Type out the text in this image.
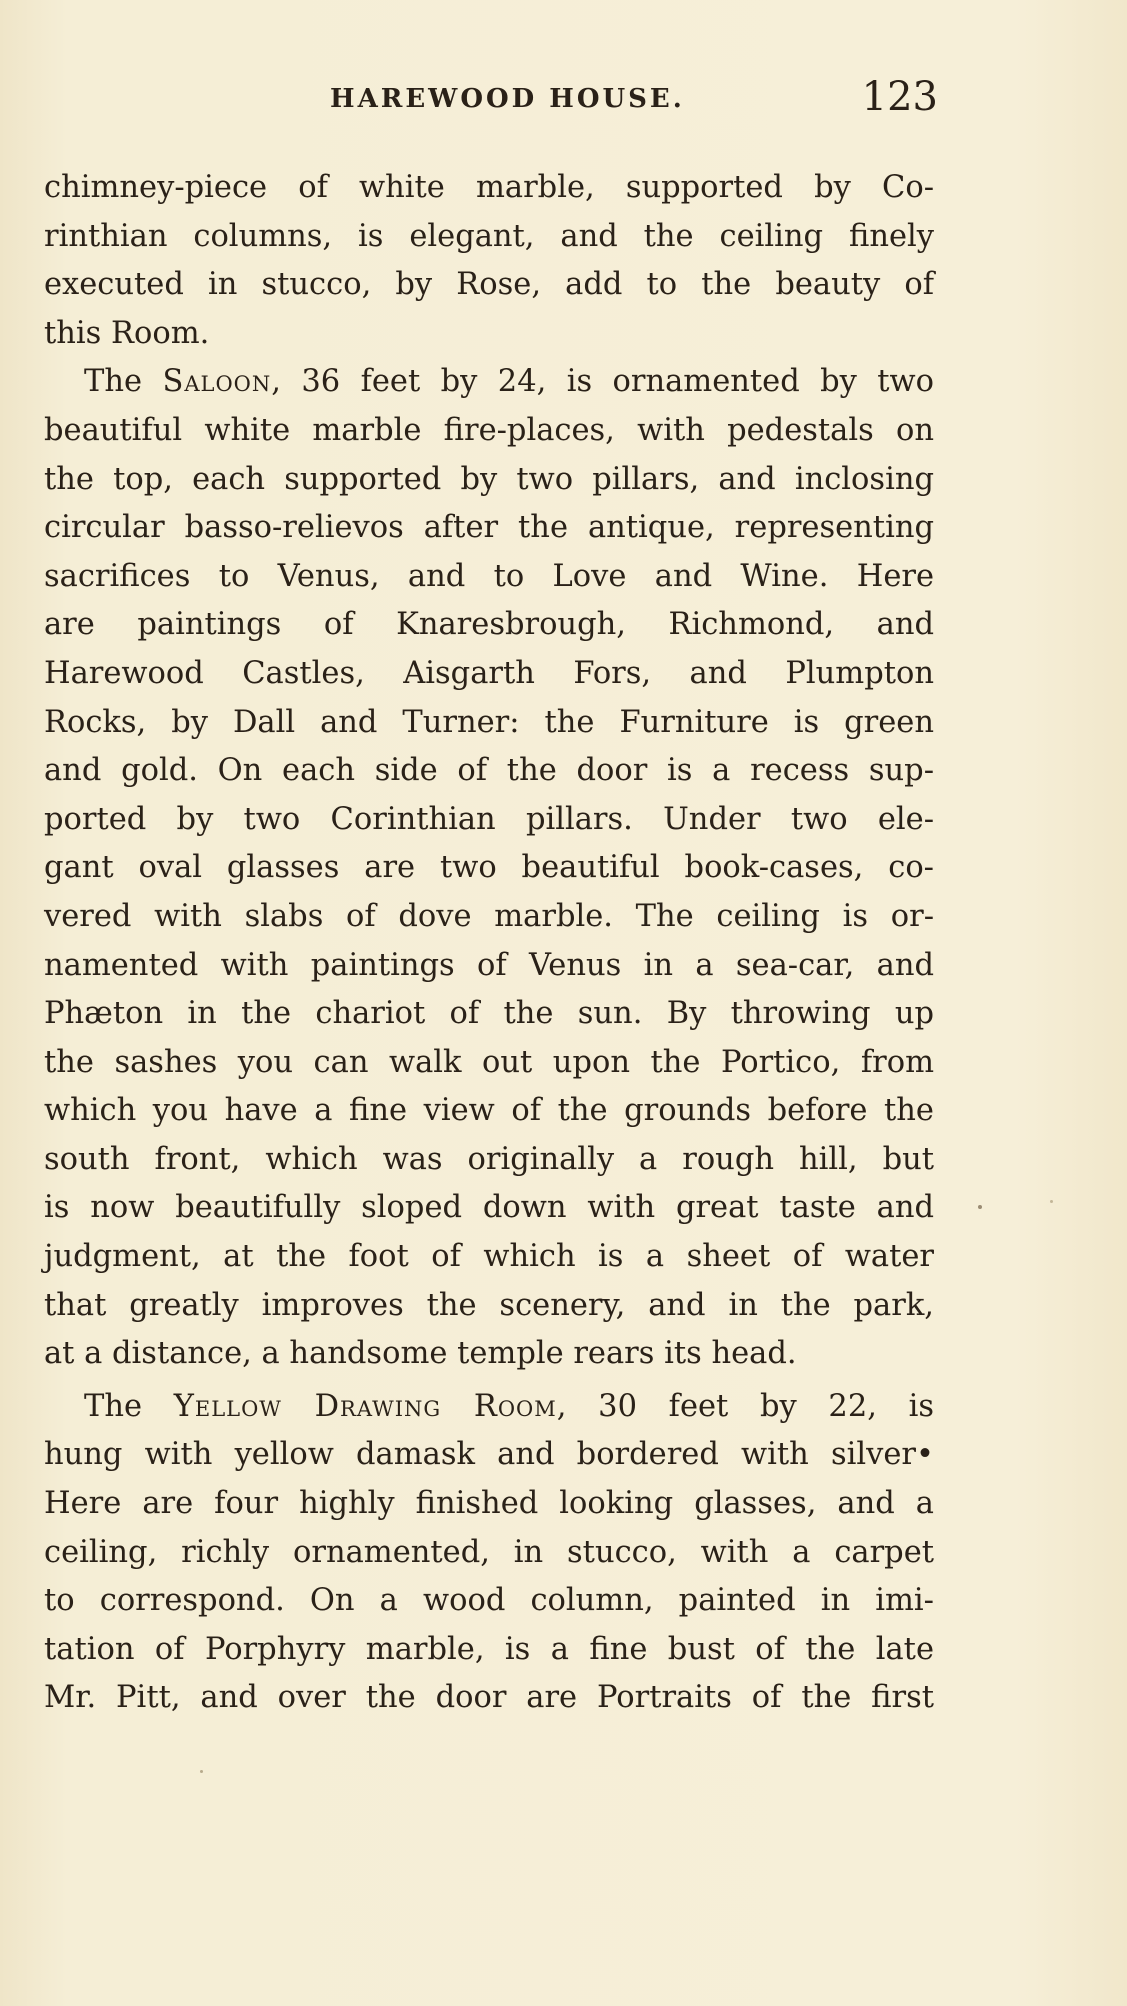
HAREWOOD HOUSE.	123
chimney-piece of white marble, supported by Co-
rinthian columns, is elegant, and the ceiling finely
executed in stucco, by Rose, add to the beauty of
this Room.
The Saloon, 36 feet by 24, is ornamented by two
beautiful white marble fire-places, with pedestals on
the top, each supported by two pillars, and inclosing
circular basso-relievos after the antique, representing
sacrifices to Venus, and to Love and Wine. Here
are paintings of Knaresbrough, Richmond, and
Harewood Castles, Aisgarth Fors, and Plumpton
Rocks, by Dall and Turner: the Furniture is green
and gold. On each side of the door is a recess sup-
ported by two Corinthian pillars. Under two ele-
gant oval glasses are two beautiful book-cases, co-
vered with slabs of dove marble. The ceiling is or-
namented with paintings of Venus in a sea-car, and
Phæton in the chariot of the sun. By throwing up
the sashes you can walk out upon the Portico, from
which you have a fine view of the grounds before the
south front, which was originally a rough hill, but
is now beautifully sloped down with great taste and
judgment, at the foot of which is a sheet of water
that greatly improves the scenery, and in the park,
at a distance, a handsome temple rears its head.
The Yellow Drawing Room, 30 feet by 22, is
hung with yellow damask and bordered with silver•
Here are four highly finished looking glasses, and a
ceiling, richly ornamented, in stucco, with a carpet
to correspond. On a wood column, painted in imi-
tation of Porphyry marble, is a fine bust of the late
Mr. Pitt, and over the door are Portraits of the first
